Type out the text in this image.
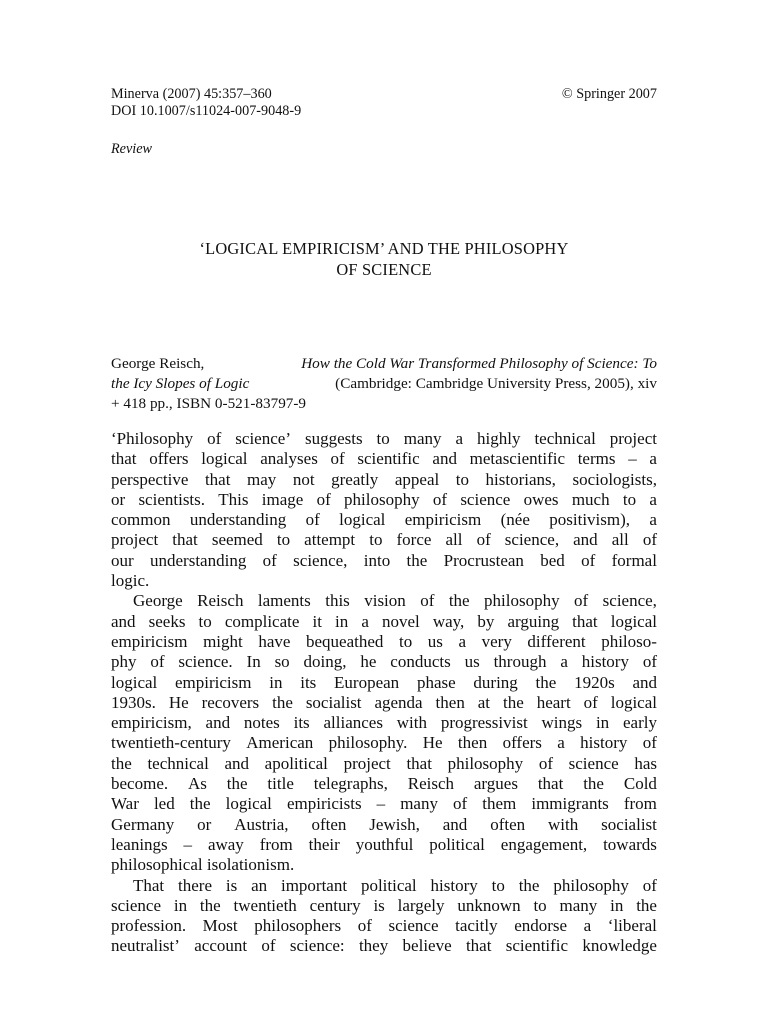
Minerva (2007) 45:357–360	© Springer 2007
DOI 10.1007/s11024-007-9048-9
Review
‘LOGICAL EMPIRICISM’ AND THE PHILOSOPHY
OF SCIENCE
George Reisch,	How the Cold War Transformed Philosophy of Science: To
the Icy Slopes of Logic	(Cambridge: Cambridge University Press, 2005), xiv
+ 418 pp., ISBN 0-521-83797-9
‘Philosophy of science’ suggests to many a highly technical project
that offers logical analyses of scientific and metascientific terms – a
perspective that may not greatly appeal to historians, sociologists,
or scientists. This image of philosophy of science owes much to a
common understanding of logical empiricism (née positivism), a
project that seemed to attempt to force all of science, and all of
our understanding of science, into the Procrustean bed of formal
logic.
George Reisch laments this vision of the philosophy of science,
and seeks to complicate it in a novel way, by arguing that logical
empiricism might have bequeathed to us a very different philoso-
phy of science. In so doing, he conducts us through a history of
logical empiricism in its European phase during the 1920s and
1930s. He recovers the socialist agenda then at the heart of logical
empiricism, and notes its alliances with progressivist wings in early
twentieth-century American philosophy. He then offers a history of
the technical and apolitical project that philosophy of science has
become. As the title telegraphs, Reisch argues that the Cold
War led the logical empiricists – many of them immigrants from
Germany or Austria, often Jewish, and often with socialist
leanings – away from their youthful political engagement, towards
philosophical isolationism.
That there is an important political history to the philosophy of
science in the twentieth century is largely unknown to many in the
profession. Most philosophers of science tacitly endorse a ‘liberal
neutralist’ account of science: they believe that scientific knowledge
